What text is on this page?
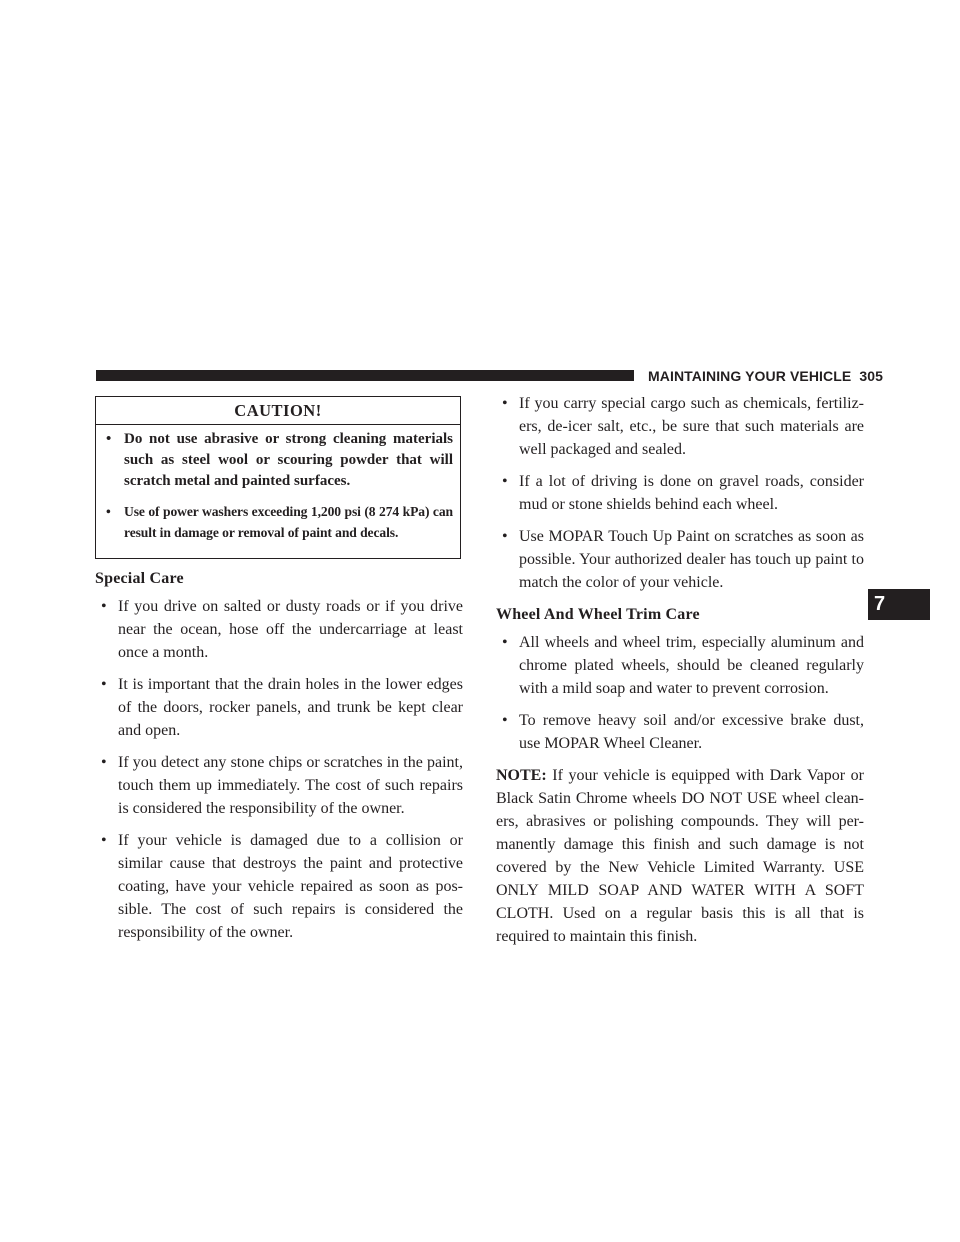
MAINTAINING YOUR VEHICLE 305
7
CAUTION!
• Do not use abrasive or strong cleaning materials such as steel wool or scouring powder that will scratch metal and painted surfaces.
• Use of power washers exceeding 1,200 psi (8 274 kPa) can result in damage or removal of paint and decals.
Special Care
• If you drive on salted or dusty roads or if you drive near the ocean, hose off the undercarriage at least once a month.
• It is important that the drain holes in the lower edges of the doors, rocker panels, and trunk be kept clear and open.
• If you detect any stone chips or scratches in the paint, touch them up immediately. The cost of such repairs is considered the responsibility of the owner.
• If your vehicle is damaged due to a collision or similar cause that destroys the paint and protective coating, have your vehicle repaired as soon as pos-sible. The cost of such repairs is considered the responsibility of the owner.
• If you carry special cargo such as chemicals, fertiliz-ers, de-icer salt, etc., be sure that such materials are well packaged and sealed.
• If a lot of driving is done on gravel roads, consider mud or stone shields behind each wheel.
• Use MOPAR Touch Up Paint on scratches as soon as possible. Your authorized dealer has touch up paint to match the color of your vehicle.
Wheel And Wheel Trim Care
• All wheels and wheel trim, especially aluminum and chrome plated wheels, should be cleaned regularly with a mild soap and water to prevent corrosion.
• To remove heavy soil and/or excessive brake dust, use MOPAR Wheel Cleaner.

NOTE: If your vehicle is equipped with Dark Vapor or Black Satin Chrome wheels DO NOT USE wheel clean-ers, abrasives or polishing compounds. They will per-manently damage this finish and such damage is not covered by the New Vehicle Limited Warranty. USE ONLY MILD SOAP AND WATER WITH A SOFT CLOTH. Used on a regular basis this is all that is required to maintain this finish.
